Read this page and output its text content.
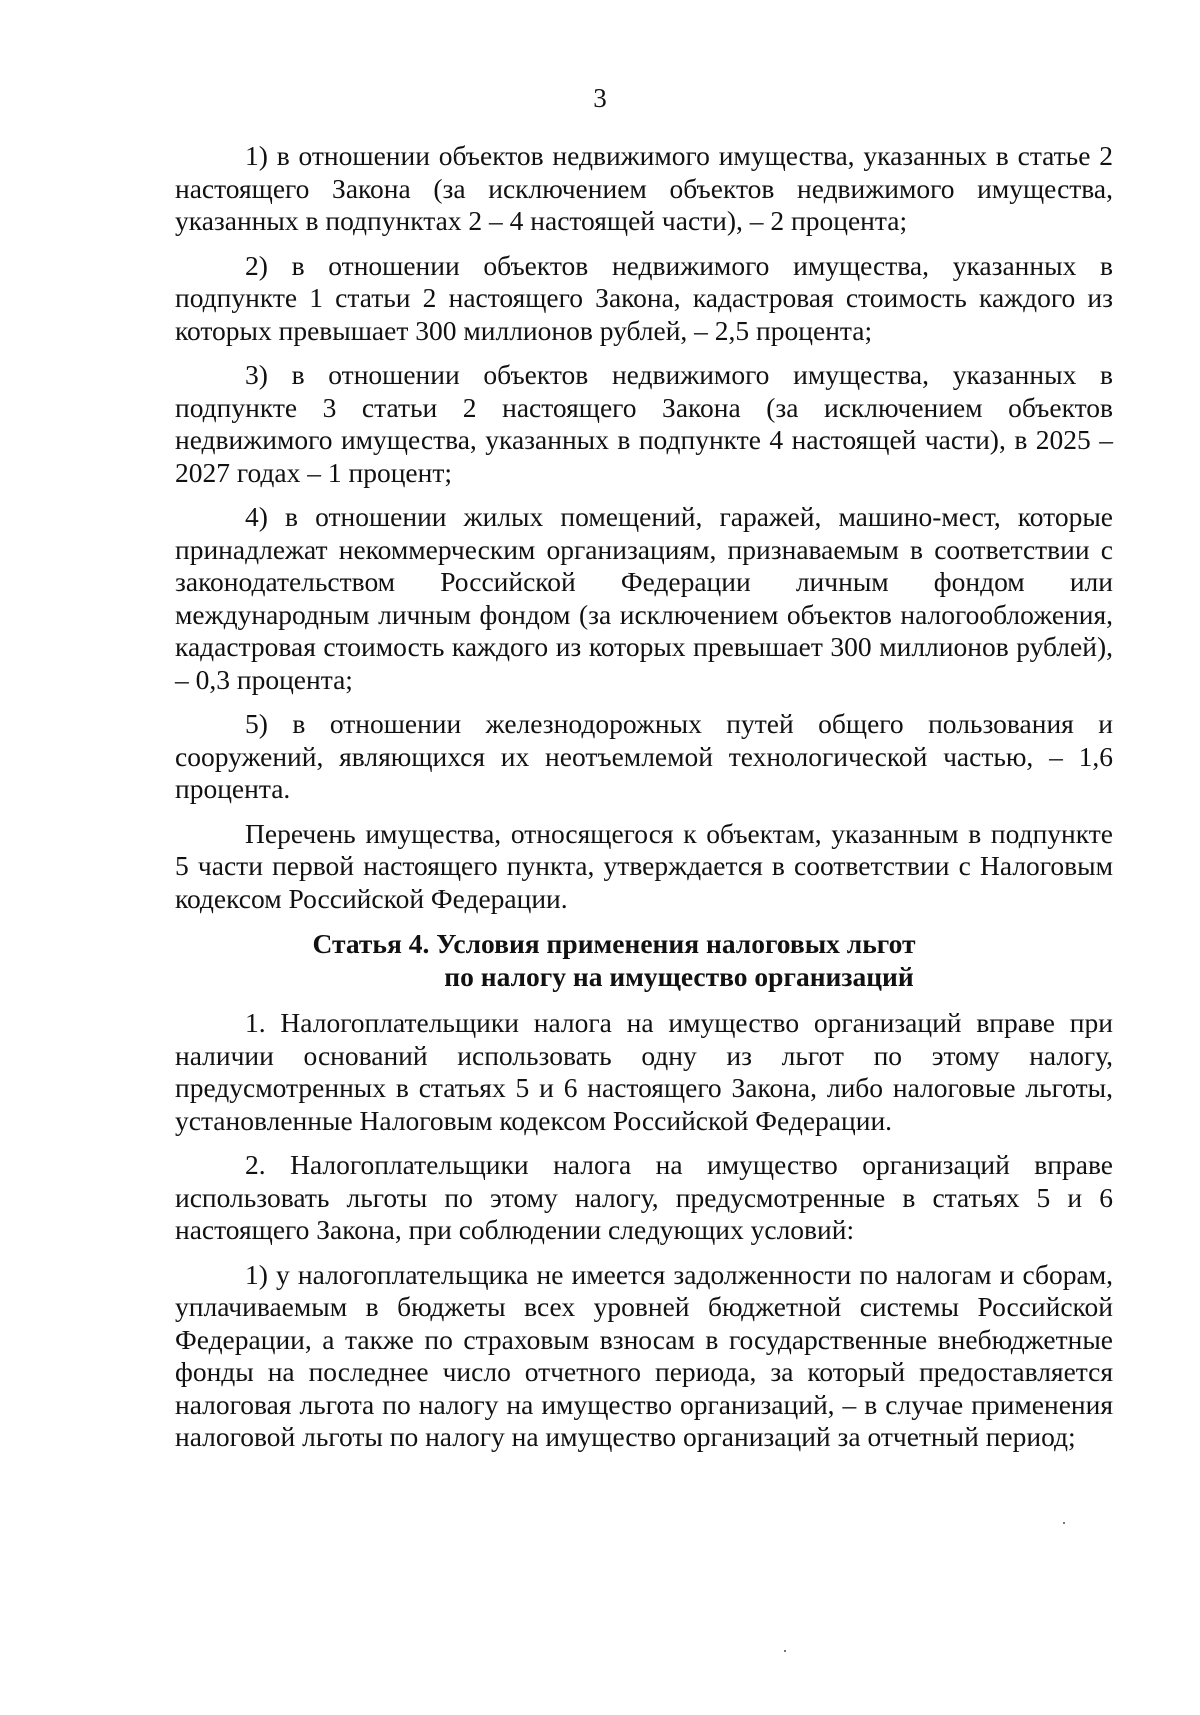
3

1) в отношении объектов недвижимого имущества, указанных в статье 2 настоящего Закона (за исключением объектов недвижимого имущества, указанных в подпунктах 2 – 4 настоящей части), – 2 процента;

2) в отношении объектов недвижимого имущества, указанных в подпункте 1 статьи 2 настоящего Закона, кадастровая стоимость каждого из которых превышает 300 миллионов рублей, – 2,5 процента;

3) в отношении объектов недвижимого имущества, указанных в подпункте 3 статьи 2 настоящего Закона (за исключением объектов недвижимого имущества, указанных в подпункте 4 настоящей части), в 2025 – 2027 годах – 1 процент;

4) в отношении жилых помещений, гаражей, машино-мест, которые принадлежат некоммерческим организациям, признаваемым в соответствии с законодательством Российской Федерации личным фондом или международным личным фондом (за исключением объектов налогообложения, кадастровая стоимость каждого из которых превышает 300 миллионов рублей), – 0,3 процента;

5) в отношении железнодорожных путей общего пользования и сооружений, являющихся их неотъемлемой технологической частью, – 1,6 процента.

Перечень имущества, относящегося к объектам, указанным в подпункте 5 части первой настоящего пункта, утверждается в соответствии с Налоговым кодексом Российской Федерации.

Статья 4. Условия применения налоговых льгот
по налогу на имущество организаций

1. Налогоплательщики налога на имущество организаций вправе при наличии оснований использовать одну из льгот по этому налогу, предусмотренных в статьях 5 и 6 настоящего Закона, либо налоговые льготы, установленные Налоговым кодексом Российской Федерации.

2. Налогоплательщики налога на имущество организаций вправе использовать льготы по этому налогу, предусмотренные в статьях 5 и 6 настоящего Закона, при соблюдении следующих условий:

1) у налогоплательщика не имеется задолженности по налогам и сборам, уплачиваемым в бюджеты всех уровней бюджетной системы Российской Федерации, а также по страховым взносам в государственные внебюджетные фонды на последнее число отчетного периода, за который предоставляется налоговая льгота по налогу на имущество организаций, – в случае применения налоговой льготы по налогу на имущество организаций за отчетный период;
